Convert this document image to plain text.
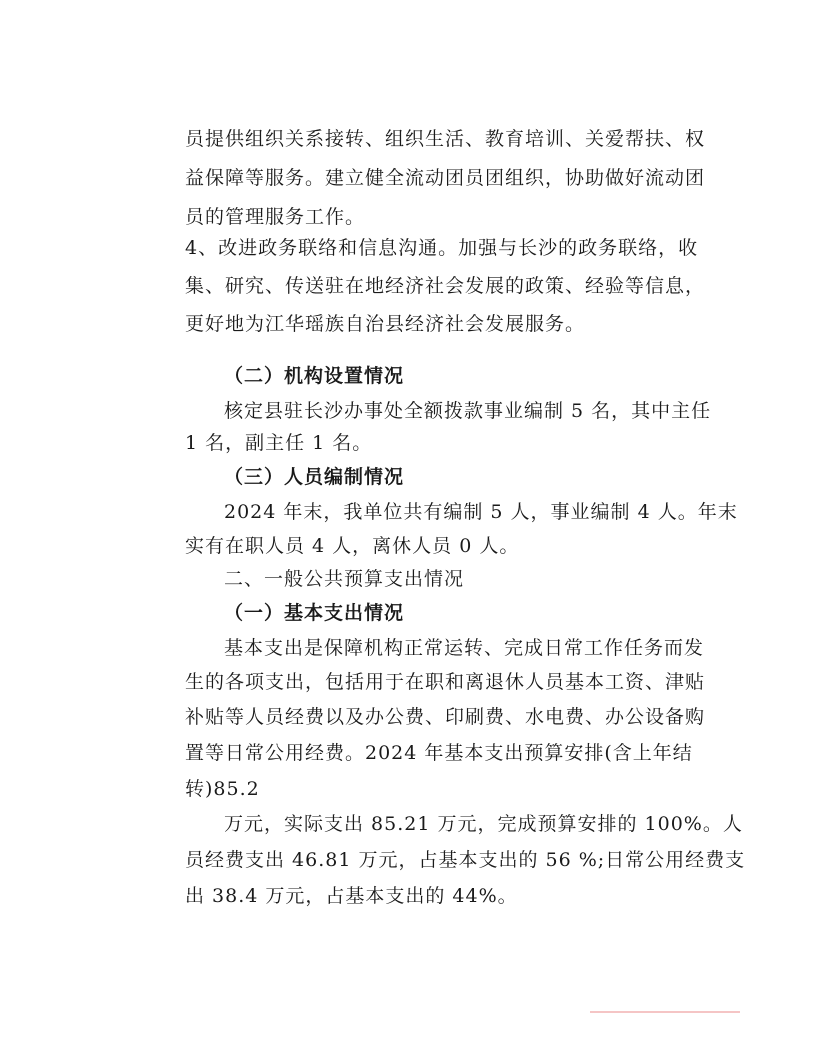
员提供组织关系接转、组织生活、教育培训、关爱帮扶、权
益保障等服务。建立健全流动团员团组织，协助做好流动团
员的管理服务工作。
4、改进政务联络和信息沟通。加强与长沙的政务联络，收
集、研究、传送驻在地经济社会发展的政策、经验等信息，
更好地为江华瑶族自治县经济社会发展服务。
（二）机构设置情况
核定县驻长沙办事处全额拨款事业编制 5 名，其中主任
1 名，副主任 1 名。
（三）人员编制情况
2024 年末，我单位共有编制 5 人，事业编制 4 人。年末
实有在职人员 4 人，离休人员 0 人。
二、一般公共预算支出情况
（一）基本支出情况
基本支出是保障机构正常运转、完成日常工作任务而发
生的各项支出，包括用于在职和离退休人员基本工资、津贴
补贴等人员经费以及办公费、印刷费、水电费、办公设备购
置等日常公用经费。2024 年基本支出预算安排(含上年结
转)85.2
万元，实际支出 85.21 万元，完成预算安排的 100%。人
员经费支出 46.81 万元，占基本支出的 56 %;日常公用经费支
出 38.4 万元，占基本支出的 44%。
